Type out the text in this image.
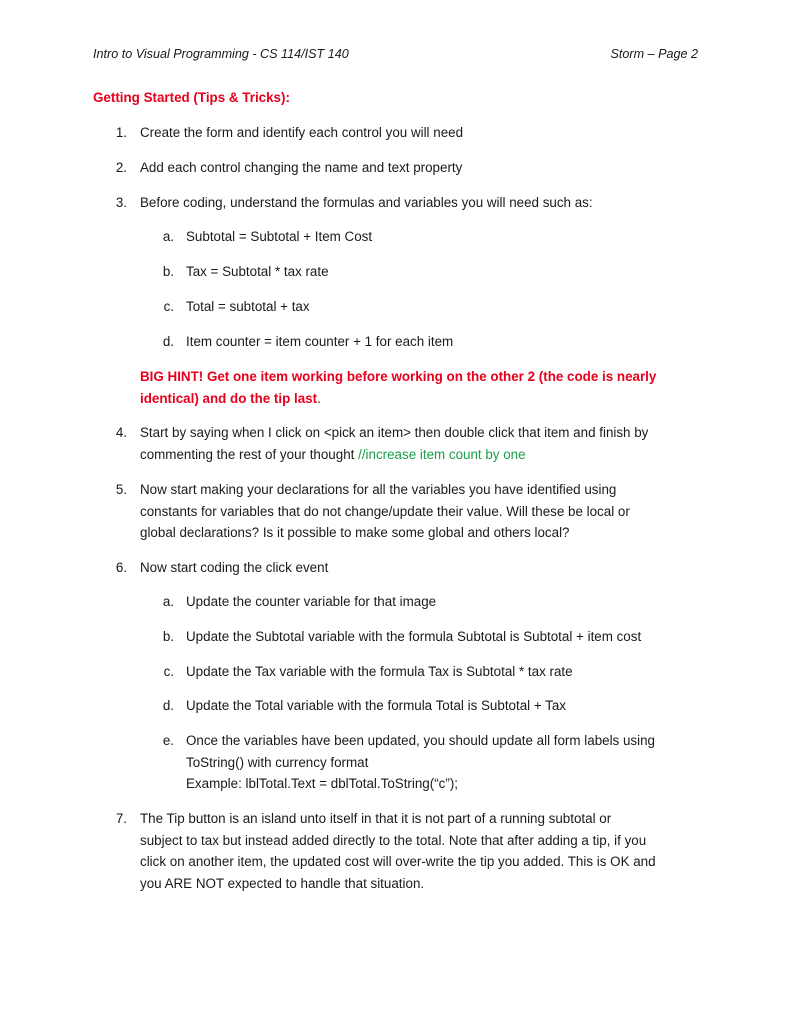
Intro to Visual Programming - CS 114/IST 140	Storm – Page 2
Getting Started (Tips & Tricks):
1. Create the form and identify each control you will need
2. Add each control changing the name and text property
3. Before coding, understand the formulas and variables you will need such as:
a. Subtotal = Subtotal + Item Cost
b. Tax = Subtotal * tax rate
c. Total = subtotal + tax
d. Item counter = item counter + 1 for each item
BIG HINT! Get one item working before working on the other 2 (the code is nearly
identical) and do the tip last.
4. Start by saying when I click on <pick an item> then double click that item and finish by
commenting the rest of your thought //increase item count by one
5. Now start making your declarations for all the variables you have identified using
constants for variables that do not change/update their value. Will these be local or
global declarations? Is it possible to make some global and others local?
6. Now start coding the click event
a. Update the counter variable for that image
b. Update the Subtotal variable with the formula Subtotal is Subtotal + item cost
c. Update the Tax variable with the formula Tax is Subtotal * tax rate
d. Update the Total variable with the formula Total is Subtotal + Tax
e. Once the variables have been updated, you should update all form labels using
ToString() with currency format
Example: lblTotal.Text = dblTotal.ToString(“c”);
7. The Tip button is an island unto itself in that it is not part of a running subtotal or
subject to tax but instead added directly to the total. Note that after adding a tip, if you
click on another item, the updated cost will over-write the tip you added. This is OK and
you ARE NOT expected to handle that situation.
